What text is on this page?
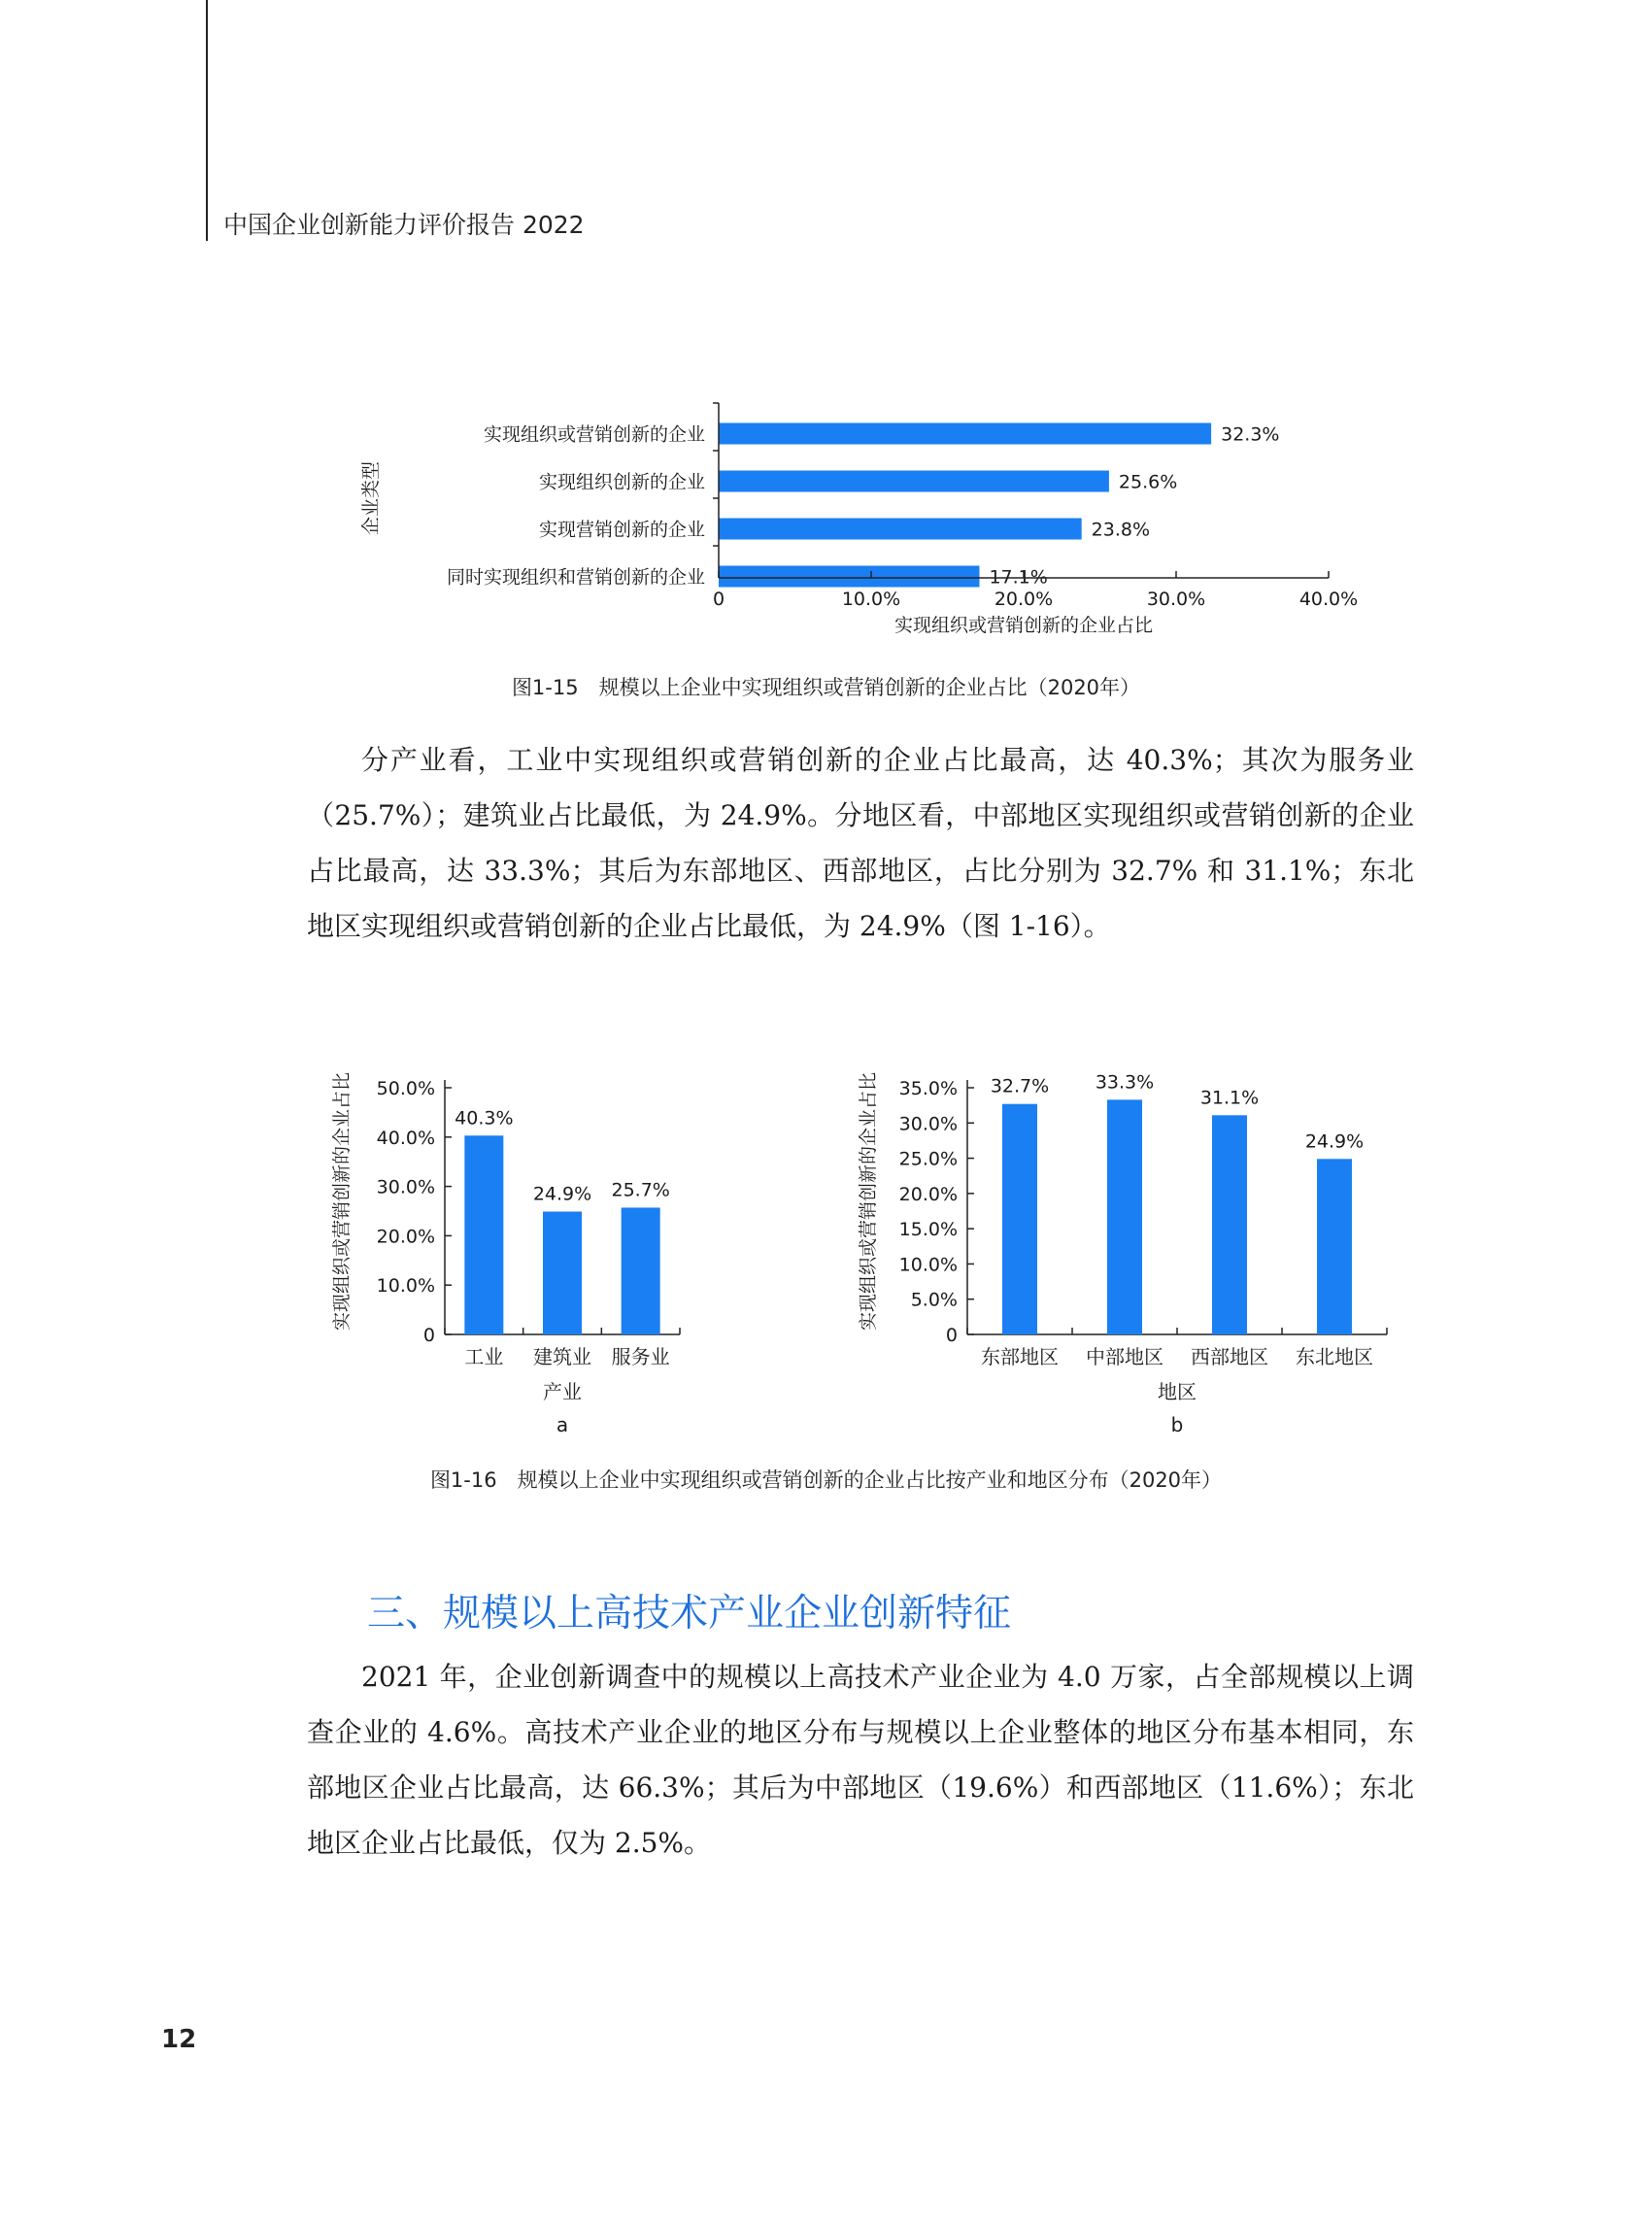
中国企业创新能力评价报告 2022
实现组织或营销创新的企业	32.3%
实现组织创新的企业	25.6%
实现营销创新的企业	23.8%
同时实现组织和营销创新的企业	17.1%
0	10.0%	20.0%	30.0%	40.0%
实现组织或营销创新的企业占比
企业类型
图1-15　规模以上企业中实现组织或营销创新的企业占比（2020年）

分产业看，工业中实现组织或营销创新的企业占比最高，达 40.3%；其次为服务业（25.7%）；建筑业占比最低，为 24.9%。分地区看，中部地区实现组织或营销创新的企业占比最高，达 33.3%；其后为东部地区、西部地区，占比分别为 32.7% 和 31.1%；东北地区实现组织或营销创新的企业占比最低，为 24.9%（图 1-16）。

0
10.0%
20.0%
30.0%
40.0%
50.0%
40.3%
工业
24.9%
建筑业
25.7%
服务业
产业
a
实现组织或营销创新的企业占比
0
5.0%
10.0%
15.0%
20.0%
25.0%
30.0%
35.0% 32.7%
东部地区
33.3%
中部地区
31.1%
西部地区
24.9%
东北地区
地区
b
实现组织或营销创新的企业占比
图1-16　规模以上企业中实现组织或营销创新的企业占比按产业和地区分布（2020年）
三、规模以上高技术产业企业创新特征

2021 年，企业创新调查中的规模以上高技术产业企业为 4.0 万家，占全部规模以上调查企业的 4.6%。高技术产业企业的地区分布与规模以上企业整体的地区分布基本相同，东部地区企业占比最高，达 66.3%；其后为中部地区（19.6%）和西部地区（11.6%）；东北地区企业占比最低，仅为 2.5%。

12
